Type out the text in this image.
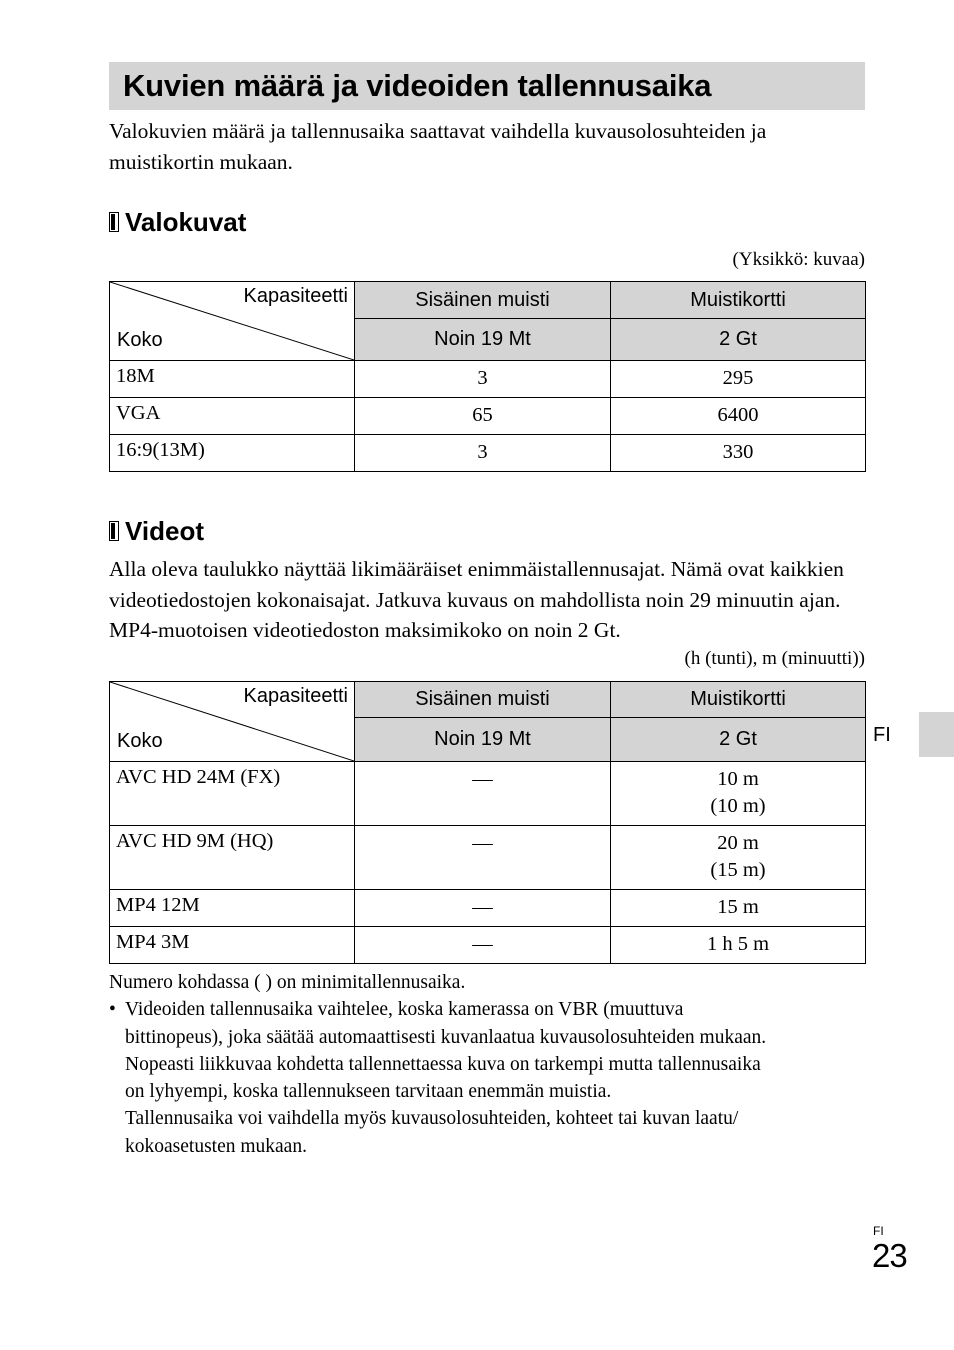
Kuvien määrä ja videoiden tallennusaika

Valokuvien määrä ja tallennusaika saattavat vaihdella kuvausolosuhteiden ja muistikortin mukaan.

Valokuvat

(Yksikkö: kuvaa)

Kapasiteetti
Koko	Sisäinen muisti	Muistikortti
	Noin 19 Mt	2 Gt
18M	3	295
VGA	65	6400
16:9(13M)	3	330
Videot

Alla oleva taulukko näyttää likimääräiset enimmäistallennusajat. Nämä ovat kaikkien videotiedostojen kokonaisajat. Jatkuva kuvaus on mahdollista noin 29 minuutin ajan. MP4-muotoisen videotiedoston maksimikoko on noin 2 Gt.

(h (tunti), m (minuutti))

Kapasiteetti
Koko	Sisäinen muisti	Muistikortti
	Noin 19 Mt	2 Gt
AVC HD 24M (FX)	—	10 m
(10 m)

AVC HD 9M (HQ)	—	20 m
(15 m)

MP4 12M	—	15 m
MP4 3M	—	1 h 5 m
FI

Numero kohdassa ( ) on minimitallennusaika.

• Videoiden tallennusaika vaihtelee, koska kamerassa on VBR (muuttuva
bittinopeus), joka säätää automaattisesti kuvanlaatua kuvausolosuhteiden mukaan.
Nopeasti liikkuvaa kohdetta tallennettaessa kuva on tarkempi mutta tallennusaika
on lyhyempi, koska tallennukseen tarvitaan enemmän muistia.
Tallennusaika voi vaihdella myös kuvausolosuhteiden, kohteet tai kuvan laatu/
kokoasetusten mukaan.
FI
23
